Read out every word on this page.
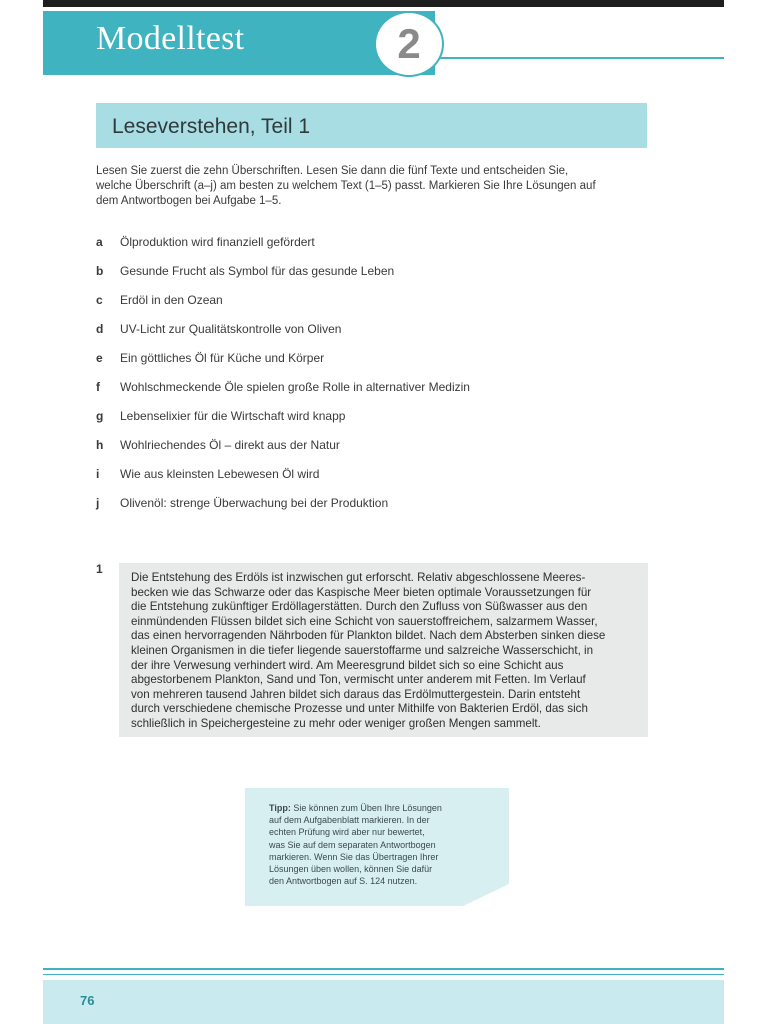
Modelltest	2
Leseverstehen, Teil 1
Lesen Sie zuerst die zehn Überschriften. Lesen Sie dann die fünf Texte und entscheiden Sie,
welche Überschrift (a–j) am besten zu welchem Text (1–5) passt. Markieren Sie Ihre Lösungen auf
dem Antwortbogen bei Aufgabe 1–5.
a	Ölproduktion wird finanziell gefördert
b	Gesunde Frucht als Symbol für das gesunde Leben
c	Erdöl in den Ozean
d	UV-Licht zur Qualitätskontrolle von Oliven
e	Ein göttliches Öl für Küche und Körper
f	Wohlschmeckende Öle spielen große Rolle in alternativer Medizin
g	Lebenselixier für die Wirtschaft wird knapp
h	Wohlriechendes Öl – direkt aus der Natur
i	Wie aus kleinsten Lebewesen Öl wird
j	Olivenöl: strenge Überwachung bei der Produktion
1
Die Entstehung des Erdöls ist inzwischen gut erforscht. Relativ abgeschlossene Meeres-
becken wie das Schwarze oder das Kaspische Meer bieten optimale Voraussetzungen für
die Entstehung zukünftiger Erdöllagerstätten. Durch den Zufluss von Süßwasser aus den
einmündenden Flüssen bildet sich eine Schicht von sauerstoffreichem, salzarmem Wasser,
das einen hervorragenden Nährboden für Plankton bildet. Nach dem Absterben sinken diese
kleinen Organismen in die tiefer liegende sauerstoffarme und salzreiche Wasserschicht, in
der ihre Verwesung verhindert wird. Am Meeresgrund bildet sich so eine Schicht aus
abgestorbenem Plankton, Sand und Ton, vermischt unter anderem mit Fetten. Im Verlauf
von mehreren tausend Jahren bildet sich daraus das Erdölmuttergestein. Darin entsteht
durch verschiedene chemische Prozesse und unter Mithilfe von Bakterien Erdöl, das sich
schließlich in Speichergesteine zu mehr oder weniger großen Mengen sammelt.
Tipp: Sie können zum Üben Ihre Lösungen
auf dem Aufgabenblatt markieren. In der
echten Prüfung wird aber nur bewertet,
was Sie auf dem separaten Antwortbogen
markieren. Wenn Sie das Übertragen Ihrer
Lösungen üben wollen, können Sie dafür
den Antwortbogen auf S. 124 nutzen.
76
